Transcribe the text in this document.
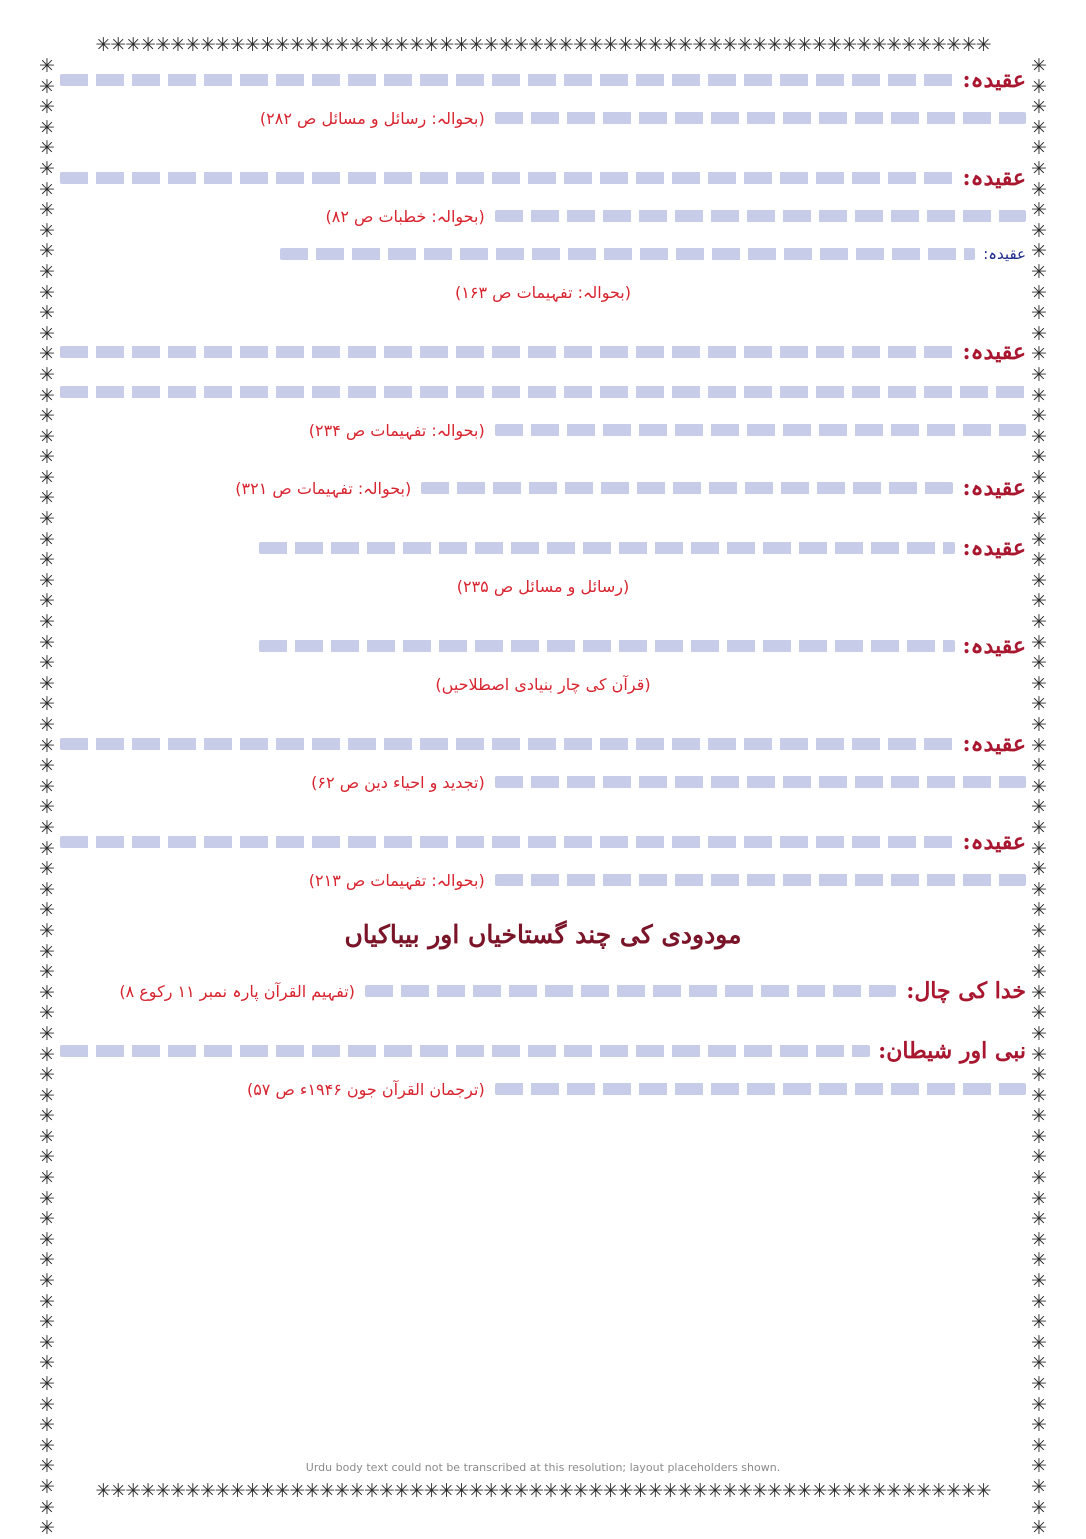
✳✳✳✳✳✳✳✳✳✳✳✳✳✳✳✳✳✳✳✳✳✳✳✳✳✳✳✳✳✳✳✳✳✳✳✳✳✳✳✳✳✳✳✳✳✳✳✳✳✳✳✳✳✳✳✳✳✳✳✳
✳✳✳✳✳✳✳✳✳✳✳✳✳✳✳✳✳✳✳✳✳✳✳✳✳✳✳✳✳✳✳✳✳✳✳✳✳✳✳✳✳✳✳✳✳✳✳✳✳✳✳✳✳✳✳✳✳✳✳✳
✳✳✳✳✳✳✳✳✳✳✳✳✳✳✳✳✳✳✳✳✳✳✳✳✳✳✳✳✳✳✳✳✳✳✳✳✳✳✳✳✳✳✳✳✳✳✳✳✳✳✳✳✳✳✳✳✳✳✳✳✳✳✳✳✳✳✳✳✳✳✳✳
✳✳✳✳✳✳✳✳✳✳✳✳✳✳✳✳✳✳✳✳✳✳✳✳✳✳✳✳✳✳✳✳✳✳✳✳✳✳✳✳✳✳✳✳✳✳✳✳✳✳✳✳✳✳✳✳✳✳✳✳✳✳✳✳✳✳✳✳✳✳✳✳
عقیدہ:
(بحوالہ: رسائل و مسائل ص ۲۸۲)
عقیدہ:
(بحوالہ: خطبات ص ۸۲)
عقیدہ:
(بحوالہ: تفہیمات ص ۱۶۳)
عقیدہ:
(بحوالہ: تفہیمات ص ۲۳۴)
عقیدہ:
(بحوالہ: تفہیمات ص ۳۲۱)
عقیدہ:
(رسائل و مسائل ص ۲۳۵)
عقیدہ:
(قرآن کی چار بنیادی اصطلاحیں)
عقیدہ:
(تجدید و احیاء دین ص ۶۲)
عقیدہ:
(بحوالہ: تفہیمات ص ۲۱۳)
مودودی کی چند گستاخیاں اور بیباکیاں
خدا کی چال:
(تفہیم القرآن پارہ نمبر ۱۱ رکوع ۸)
نبی اور شیطان:
(ترجمان القرآن جون ۱۹۴۶ء ص ۵۷)
Urdu body text could not be transcribed at this resolution; layout placeholders shown.
